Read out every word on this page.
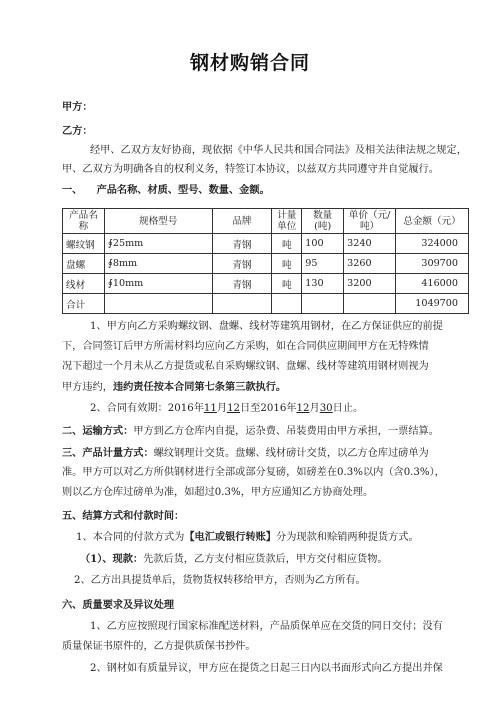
钢材购销合同
甲方：
乙方：
经甲、乙双方友好协商，现依据《中华人民共和国合同法》及相关法律法规之规定，
甲、乙双方为明确各自的权利义务，特签订本协议，以兹双方共同遵守并自觉履行。
一、 产品名称、材质、型号、数量、金额。
产品名称	规格型号	品牌	计量单位	数量(吨)	单价（元/吨）	总金额（元）
螺纹钢	∮25mm	青钢	吨	100	3240	324000
盘螺	∮8mm	青钢	吨	95	3260	309700
线材	∮10mm	青钢	吨	130	3200	416000
合计						1049700
1、甲方向乙方采购螺纹钢、盘螺、线材等建筑用钢材，在乙方保证供应的前提
下，合同签订后甲方所需材料均应向乙方采购，如在合同供应期间甲方在无特殊情
况下超过一个月未从乙方提货或私自采购螺纹钢、盘螺、线材等建筑用钢材则视为
甲方违约，违约责任按本合同第七条第三款执行。
2、合同有效期：2016年11月12日至2016年12月30日止。
二、运输方式：甲方到乙方仓库内自提，运杂费、吊装费用由甲方承担，一票结算。
三、产品计量方式：螺纹钢理计交货。盘螺、线材磅计交货，以乙方仓库过磅单为
准。甲方可以对乙方所供钢材进行全部或部分复磅，如磅差在0.3%以内（含0.3%），
则以乙方仓库过磅单为准，如超过0.3%，甲方应通知乙方协商处理。
五、结算方式和付款时间：
1、本合同的付款方式为【电汇或银行转账】分为现款和赊销两种提货方式。
（1）、现款：先款后货，乙方支付相应货款后，甲方交付相应货物。
2、乙方出具提货单后，货物货权转移给甲方，否则为乙方所有。
六、质量要求及异议处理
1、乙方应按照现行国家标准配送材料，产品质保单应在交货的同日交付；没有
质量保证书原件的，乙方提供质保书抄件。
2、钢材如有质量异议，甲方应在提货之日起三日内以书面形式向乙方提出并保
